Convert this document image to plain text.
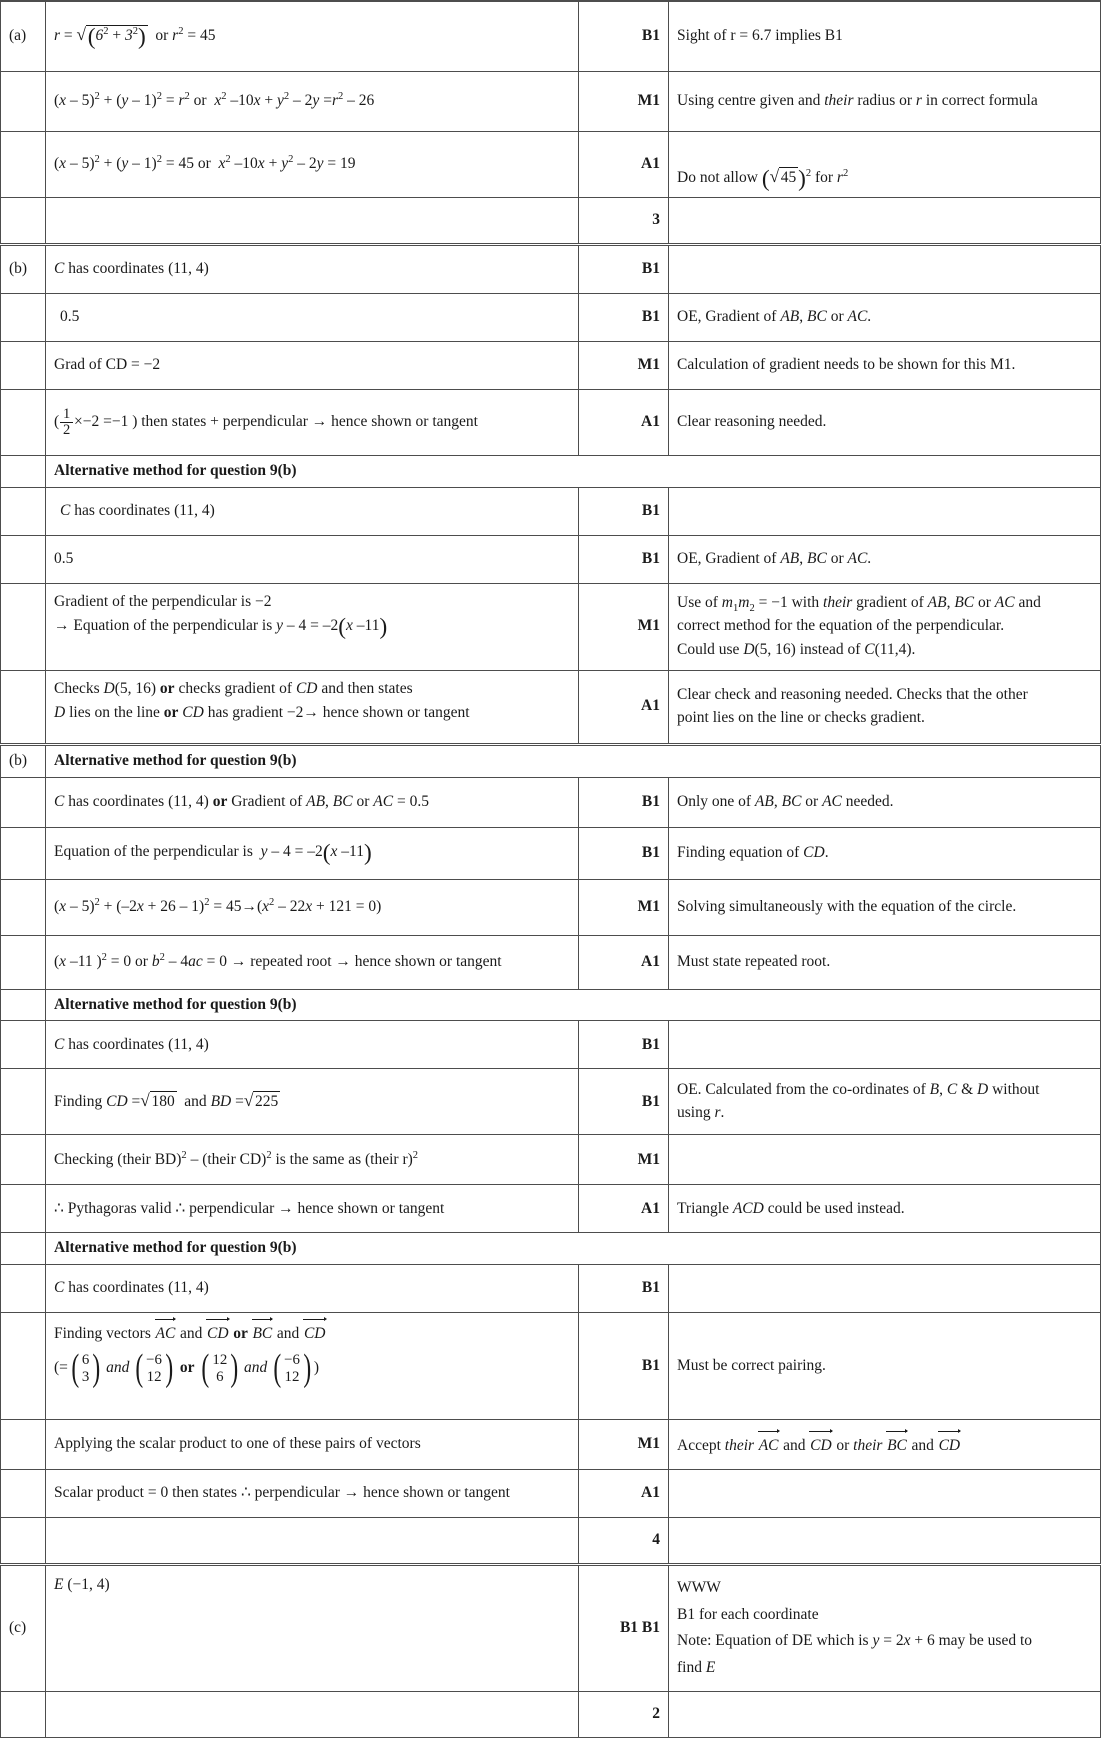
(a)	r = √ $(6^2 + 3^2)$  or $r^2 = 45$	B1	Sight of r = 6.7 implies B1
	$(x - 5)^2 + (y - 1)^2 = r^2$ or  $x^2$ $-10x + y^2 - 2y =r^2 - 26$	M1	Using centre given and their radius or r in correct formula
	(x – 5)$^2$ + (y – 1)$^2$ = 45 or  $x^2$ $-10x + y^2 - 2y = 19$	A1	Do not allow ( √ 45)$^2$ for $r^2$
		3	
(b)	C has coordinates (11, 4)	B1	
	0.5	B1	OE, Gradient of AB, BC or AC.
	Grad of CD = −2	M1	Calculation of gradient needs to be shown for this M1.
	( $\frac{1}{2} \times-2 =-1$ ) then states + perpendicular → hence shown or tangent	A1	Clear reasoning needed.
	Alternative method for question 9(b)		
	C has coordinates (11, 4)	B1	
	0.5	B1	OE, Gradient of AB, BC or AC.

	Gradient of the perpendicular is −2
→ Equation of the perpendicular is y – 4 = –2(x –11)	M1	Use of $m_1m_2 = -1$ with their gradient of AB, BC or AC and
correct method for the equation of the perpendicular.
Could use D(5, 16) instead of C(11,4).

	Checks D(5, 16) or checks gradient of CD and then states
D lies on the line or CD has gradient −2→ hence shown or tangent	A1	Clear check and reasoning needed. Checks that the other
point lies on the line or checks gradient.

(b)	Alternative method for question 9(b)		
	C has coordinates (11, 4) or Gradient of AB, BC or AC = 0.5	B1	Only one of AB, BC or AC needed.
	Equation of the perpendicular is  y – 4 = –2(x –11)	B1	Finding equation of CD.
	$(x - 5)^2 + (-2x + 26 - 1)^2 = 45\to(x^2 - 22x + 121 = 0)$	M1	Solving simultaneously with the equation of the circle.
	(x –11 )$^2$ = 0 or $b^2 - 4ac = 0$ → repeated root → hence shown or tangent	A1	Must state repeated root.
	Alternative method for question 9(b)		
	C has coordinates (11, 4)	B1	
	Finding CD = √ 180  and BD = √ 225	B1	OE. Calculated from the co-ordinates of B, C & D without
using r.

	Checking (their BD)$^2$ – (their CD)$^2$ is the same as (their r)$^2$	M1	
	∴ Pythagoras valid ∴ perpendicular → hence shown or tangent	A1	Triangle ACD could be used instead.
	Alternative method for question 9(b)		
	C has coordinates (11, 4)	B1	

Finding vectors AC and CD or BC and CD
(= ( 6
3 ) and ( −6
12 ) or ( 12
6 ) and ( −6
12 ) )	B1	Must be correct pairing.
	Applying the scalar product to one of these pairs of vectors	M1	Accept their AC and CD or their BC and CD
	Scalar product = 0 then states ∴ perpendicular → hence shown or tangent	A1	
		4	
(c)	E (−1, 4)	B1 B1	WWW
B1 for each coordinate
Note: Equation of DE which is y = 2x + 6 may be used to
find E

		2	
